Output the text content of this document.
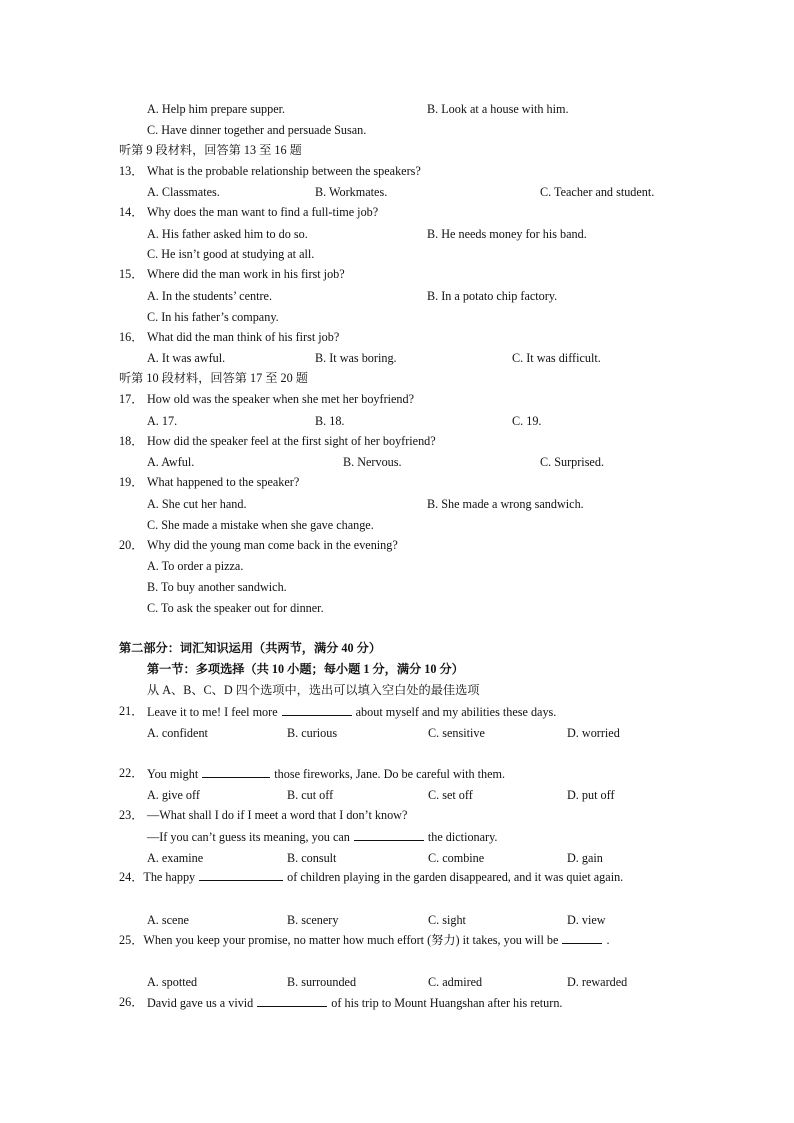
A. Help him prepare supper.	B. Look at a house with him.
C. Have dinner together and persuade Susan.
听第 9 段材料，回答第 13 至 16 题
13． What is the probable relationship between the speakers?
A. Classmates.	B. Workmates.	C. Teacher and student.
14． Why does the man want to find a full-time job?
A. His father asked him to do so.	B. He needs money for his band.
C. He isn’t good at studying at all.
15． Where did the man work in his first job?
A. In the students’ centre.	B. In a potato chip factory.
C. In his father’s company.
16． What did the man think of his first job?
A. It was awful.	B. It was boring.	C. It was difficult.
听第 10 段材料，回答第 17 至 20 题
17． How old was the speaker when she met her boyfriend?
A. 17.	B. 18.	C. 19.
18． How did the speaker feel at the first sight of her boyfriend?
A. Awful.	B. Nervous.	C. Surprised.
19． What happened to the speaker?
A. She cut her hand.	B. She made a wrong sandwich.
C. She made a mistake when she gave change.
20． Why did the young man come back in the evening?
A. To order a pizza.
B. To buy another sandwich.
C. To ask the speaker out for dinner.
第二部分：词汇知识运用（共两节，满分 40 分）
第一节：多项选择（共 10 小题；每小题 1 分，满分 10 分）
从 A、B、C、D 四个选项中，选出可以填入空白处的最佳选项
21． Leave it to me! I feel more	about myself and my abilities these days.
A. confident	B. curious	C. sensitive	D. worried
22． You might	those fireworks, Jane. Do be careful with them.
A. give off	B. cut off	C. set off	D. put off
23． —What shall I do if I meet a word that I don’t know?
—If you can’t guess its meaning, you can	the dictionary.
A. examine	B. consult	C. combine	D. gain
24．The happy	of children playing in the garden disappeared, and it was quiet again.
A. scene	B. scenery	C. sight	D. view
25．When you keep your promise, no matter how much effort (努力) it takes, you will be	.
A. spotted	B. surrounded	C. admired	D. rewarded
26． David gave us a vivid	of his trip to Mount Huangshan after his return.
